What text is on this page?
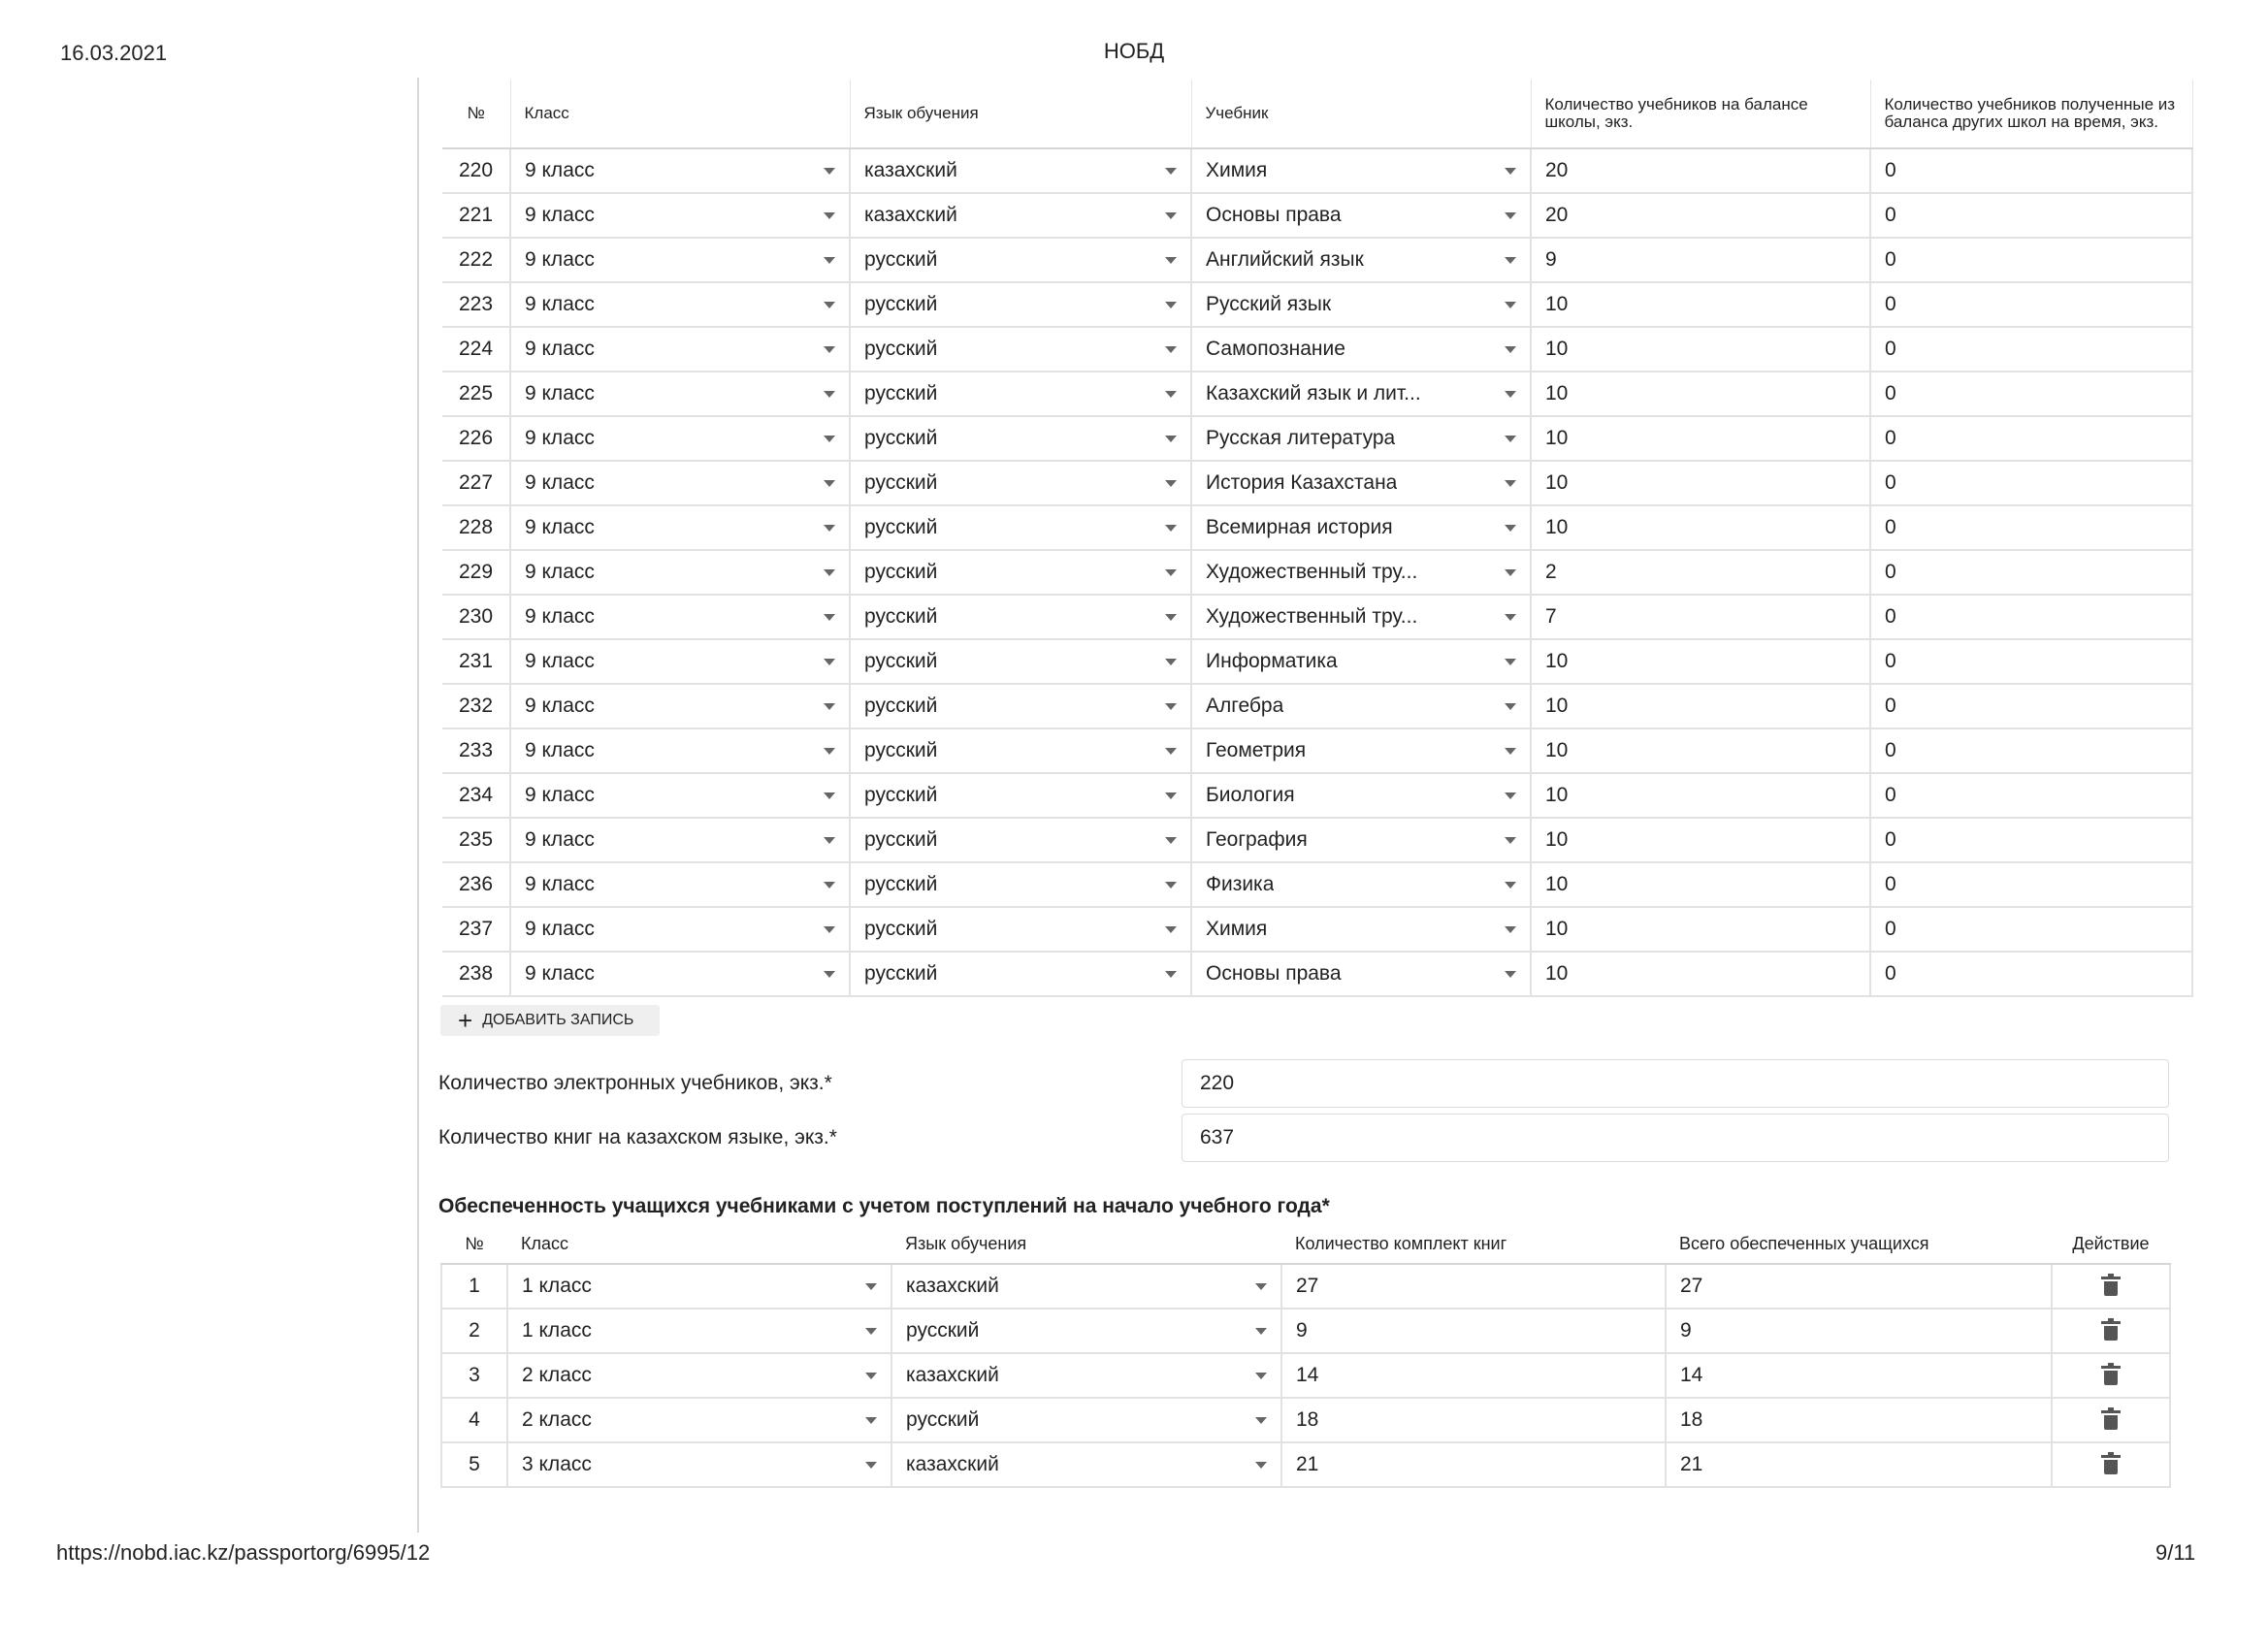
16.03.2021	НОБД
№	Класс	Язык обучения	Учебник	Количество учебников на балансе школы, экз.	Количество учебников полученные из баланса других школ на время, экз.
220	9 класс	казахский	Химия	20	0
221	9 класс	казахский	Основы права	20	0
222	9 класс	русский	Английский язык	9	0
223	9 класс	русский	Русский язык	10	0
224	9 класс	русский	Самопознание	10	0
225	9 класс	русский	Казахский язык и лит...	10	0
226	9 класс	русский	Русская литература	10	0
227	9 класс	русский	История Казахстана	10	0
228	9 класс	русский	Всемирная история	10	0
229	9 класс	русский	Художественный тру...	2	0
230	9 класс	русский	Художественный тру...	7	0
231	9 класс	русский	Информатика	10	0
232	9 класс	русский	Алгебра	10	0
233	9 класс	русский	Геометрия	10	0
234	9 класс	русский	Биология	10	0
235	9 класс	русский	География	10	0
236	9 класс	русский	Физика	10	0
237	9 класс	русский	Химия	10	0
238	9 класс	русский	Основы права	10	0
+ ДОБАВИТЬ ЗАПИСЬ
Количество электронных учебников, экз.*	220
Количество книг на казахском языке, экз.*	637
Обеспеченность учащихся учебниками с учетом поступлений на начало учебного года*
№	Класс	Язык обучения	Количество комплект книг	Всего обеспеченных учащихся	Действие
1	1 класс	казахский	27	27	

2	1 класс	русский	9	9	

3	2 класс	казахский	14	14	

4	2 класс	русский	18	18	

5	3 класс	казахский	21	21	
https://nobd.iac.kz/passportorg/6995/12	9/11
